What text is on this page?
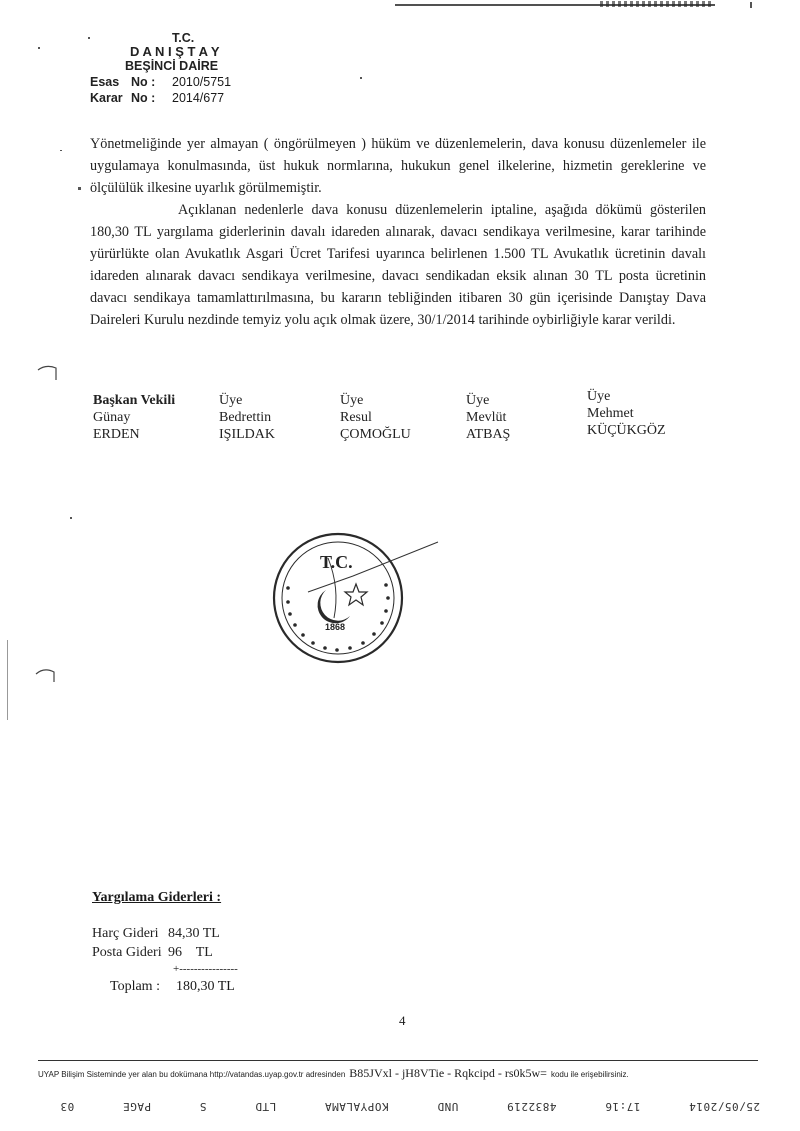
T.C.
D A N I Ş T A Y
BEŞİNCİ DAİRE
Esas No : 2010/5751
Karar No : 2014/677
Yönetmeliğinde yer almayan ( öngörülmeyen ) hüküm ve düzenlemelerin, dava konusu düzenlemeler ile uygulamaya konulmasında, üst hukuk normlarına, hukukun genel ilkelerine, hizmetin gereklerine ve ölçülülük ilkesine uyarlık görülmemiştir.
Açıklanan nedenlerle dava konusu düzenlemelerin iptaline, aşağıda dökümü gösterilen 180,30 TL yargılama giderlerinin davalı idareden alınarak, davacı sendikaya verilmesine, karar tarihinde yürürlükte olan Avukatlık Asgari Ücret Tarifesi uyarınca belirlenen 1.500 TL Avukatlık ücretinin davalı idareden alınarak davacı sendikaya verilmesine, davacı sendikadan eksik alınan 30 TL posta ücretinin davacı sendikaya tamamlattırılmasına, bu kararın tebliğinden itibaren 30 gün içerisinde Danıştay Dava Daireleri Kurulu nezdinde temyiz yolu açık olmak üzere, 30/1/2014 tarihinde oybirliğiyle karar verildi.
Başkan Vekili
Günay
ERDEN
Üye
Bedrettin
IŞILDAK
Üye
Resul
ÇOMOĞLU
Üye
Mevlüt
ATBAŞ
Üye
Mehmet
KÜÇÜKGÖZ
T.C.
1868
Yargılama Giderleri :
Harç Gideri	84,30 TL
Posta Gideri	96    TL
+----------------
Toplam : 180,30 TL
4
UYAP Bilişim Sisteminde yer alan bu dokümana http://vatandas.uyap.gov.tr adresinden B85JVxl - jH8VTie - Rqkcipd - rs0k5w= kodu ile erişebilirsiniz.
25/05/2014 17:16 4832219 UND KOPYALAMA LTD S PAGE 03
